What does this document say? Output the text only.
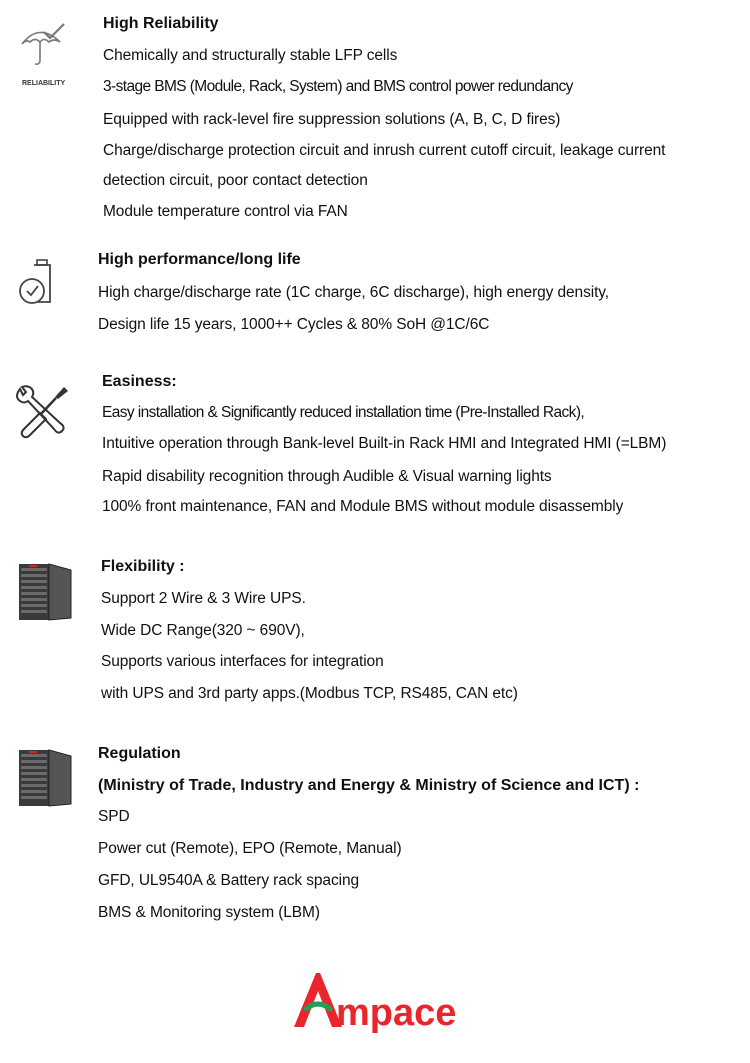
RELIABILITY
High Reliability
Chemically and structurally stable LFP cells
3-stage BMS (Module, Rack, System) and BMS control power redundancy
Equipped with rack-level fire suppression solutions (A, B, C, D fires)
Charge/discharge protection circuit and inrush current cutoff circuit, leakage current
detection circuit, poor contact detection
Module temperature control via FAN
High performance/long life
High charge/discharge rate (1C charge, 6C discharge), high energy density,
Design life 15 years, 1000++ Cycles & 80% SoH @1C/6C
Easiness:
Easy installation & Significantly reduced installation time (Pre-Installed Rack),
Intuitive operation through Bank-level Built-in Rack HMI and Integrated HMI (=LBM)
Rapid disability recognition through Audible & Visual warning lights
100% front maintenance, FAN and Module BMS without module disassembly
Flexibility :
Support 2 Wire & 3 Wire UPS.
Wide DC Range(320 ~ 690V),
Supports various interfaces for integration
with UPS and 3rd party apps.(Modbus TCP, RS485, CAN etc)
Regulation
(Ministry of Trade, Industry and Energy & Ministry of Science and ICT) :
SPD
Power cut (Remote), EPO (Remote, Manual)
GFD, UL9540A & Battery rack spacing
BMS & Monitoring system (LBM)
mpace
